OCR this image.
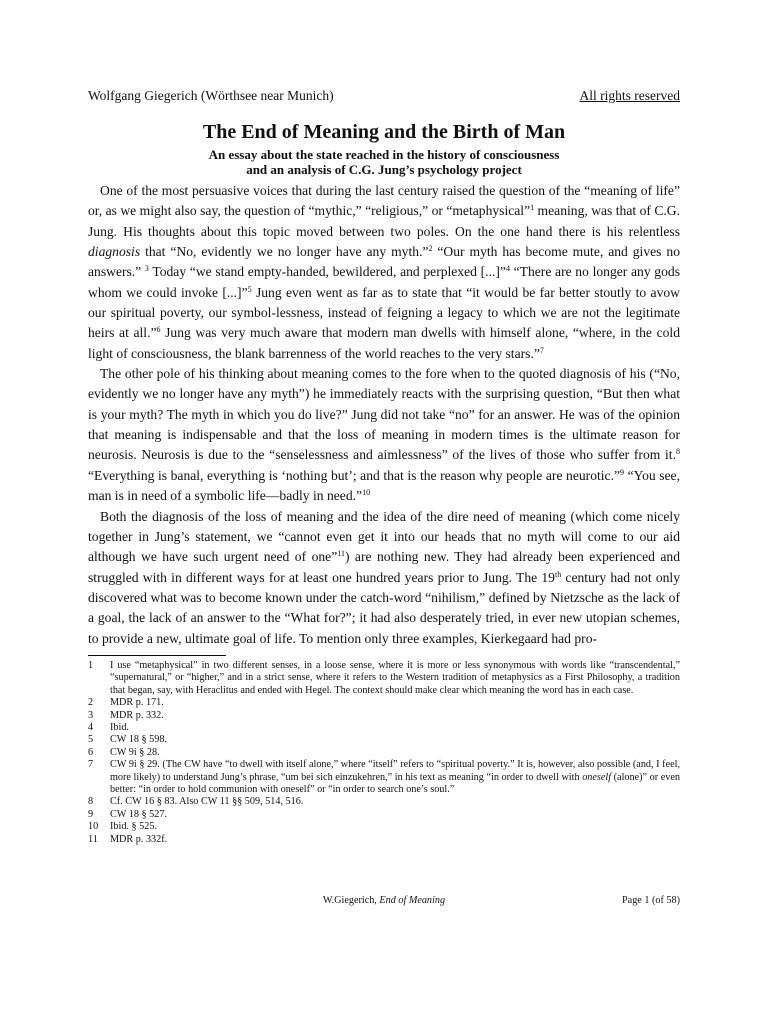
Wolfgang Giegerich (Wörthsee near Munich)	All rights reserved
The End of Meaning and the Birth of Man
An essay about the state reached in the history of consciousness
and an analysis of C.G. Jung’s psychology project

One of the most persuasive voices that during the last century raised the question of the “meaning of life” or, as we might also say, the question of “mythic,” “religious,” or “metaphysical”$^1$ meaning, was that of C.G. Jung. His thoughts about this topic moved between two poles. On the one hand there is his relentless diagnosis that “No, evidently we no longer have any myth.”$^2$ “Our myth has become mute, and gives no answers.” $^3$ Today “we stand empty-handed, bewildered, and perplexed [...]”$^4$ “There are no longer any gods whom we could invoke [...]”$^5$ Jung even went as far as to state that “it would be far better stoutly to avow our spiritual poverty, our symbol-lessness, instead of feigning a legacy to which we are not the legitimate heirs at all.”$^6$ Jung was very much aware that modern man dwells with himself alone, “where, in the cold light of consciousness, the blank barrenness of the world reaches to the very stars.”$^7$

The other pole of his thinking about meaning comes to the fore when to the quoted diagnosis of his (“No, evidently we no longer have any myth”) he immediately reacts with the surprising question, “But then what is your myth? The myth in which you do live?” Jung did not take “no” for an answer. He was of the opinion that meaning is indispensable and that the loss of meaning in modern times is the ultimate reason for neurosis. Neurosis is due to the “senselessness and aimlessness” of the lives of those who suffer from it.$^8$ “Everything is banal, everything is ‘nothing but’; and that is the reason why people are neurotic.”$^9$ “You see, man is in need of a symbolic life—badly in need.”$^{10}$

Both the diagnosis of the loss of meaning and the idea of the dire need of meaning (which come nicely together in Jung’s statement, we “cannot even get it into our heads that no myth will come to our aid although we have such urgent need of one”$^{11}$) are nothing new. They had already been experienced and struggled with in different ways for at least one hundred years prior to Jung. The 19th century had not only discovered what was to become known under the catch-word “nihilism,” defined by Nietzsche as the lack of a goal, the lack of an answer to the “What for?”; it had also desperately tried, in ever new utopian schemes, to provide a new, ultimate goal of life. To mention only three examples, Kierkegaard had pro-

1	I use “metaphysical” in two different senses, in a loose sense, where it is more or less synonymous with words like “transcendental,” “supernatural,” or “higher,” and in a strict sense, where it refers to the Western tradition of metaphysics as a First Philosophy, a tradition that began, say, with Heraclitus and ended with Hegel. The context should make clear which meaning the word has in each case.
2	MDR p. 171.
3	MDR p. 332.
4	Ibid.
5	CW 18 § 598.
6	CW 9i § 28.
7	CW 9i § 29. (The CW have “to dwell with itself alone,” where “itself” refers to “spiritual poverty.” It is, however, also possible (and, I feel, more likely) to understand Jung’s phrase, “um bei sich einzukehren,” in his text as meaning “in order to dwell with oneself (alone)” or even better: “in order to hold communion with oneself” or “in order to search one’s soul.”
8	Cf. CW 16 § 83. Also CW 11 §§ 509, 514, 516.
9	CW 18 § 527.
10	Ibid. § 525.
11	MDR p. 332f.
W.Giegerich, End of Meaning	Page 1 (of 58)
